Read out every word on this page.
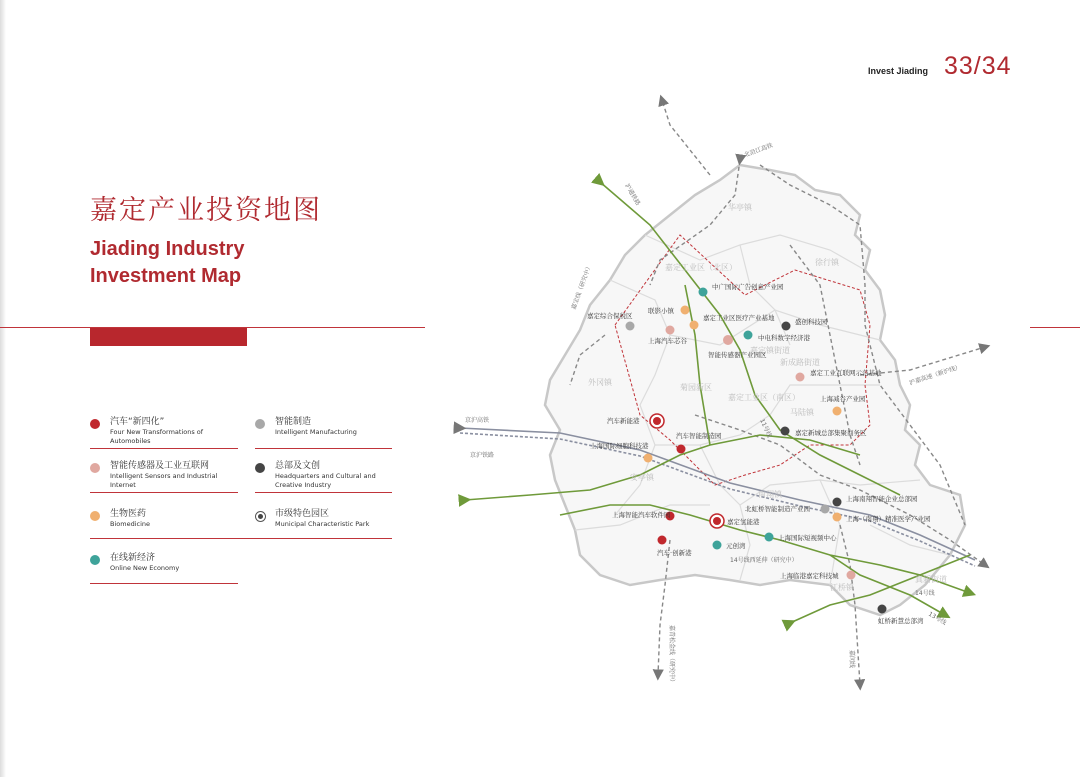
Invest Jiading 33/34
嘉定产业投资地图
Jiading Industry
Investment Map
汽车“新四化”
Four New Transformations of Automobiles
智能传感器及工业互联网
Intelligent Sensors and Industrial Internet
生物医药
Biomedicine
在线新经济
Online New Economy
智能制造
Intelligent Manufacturing
总部及文创
Headquarters and Cultural and Creative Industry
市级特色园区
Municipal Characteristic Park
华亭镇
徐行镇
外冈镇
嘉定工业区（北区）
嘉定镇街道
新成路街道
菊园新区
嘉定工业区（南区）
马陆镇
安亭镇
南翔镇
江桥镇
真新街道
京沪高铁
京沪铁路
沪嘉高速（新沪线）
11号线
14号线西延伸（研究中）
14号线
13号线
嘉闵线
嘉青松金线（研究中）
嘉宝线（研究中）
北沿江高铁
沪通铁路
中广国际广告创意产业园
联影小镇
嘉定综合保税区	嘉定工业区医疗产业基地
上海汽车芯谷
盛创科技园
中电科数字经济港
智能传感器产业园区
嘉定工业互联网示范基地
上海减谷产业园
汽车新能港
汽车智能制造园
上海国际细胞科技港
嘉定新城总部集聚商务区
上海南翔智能企业总部园
北虹桥智能制造产业园
上海（南翔）精准医学产业园
上海智能汽车软件园
嘉定氢能港
汽车·创新港
元创湾
上海国际短视频中心
上海临港嘉定科技城
虹桥新慧总部湾
